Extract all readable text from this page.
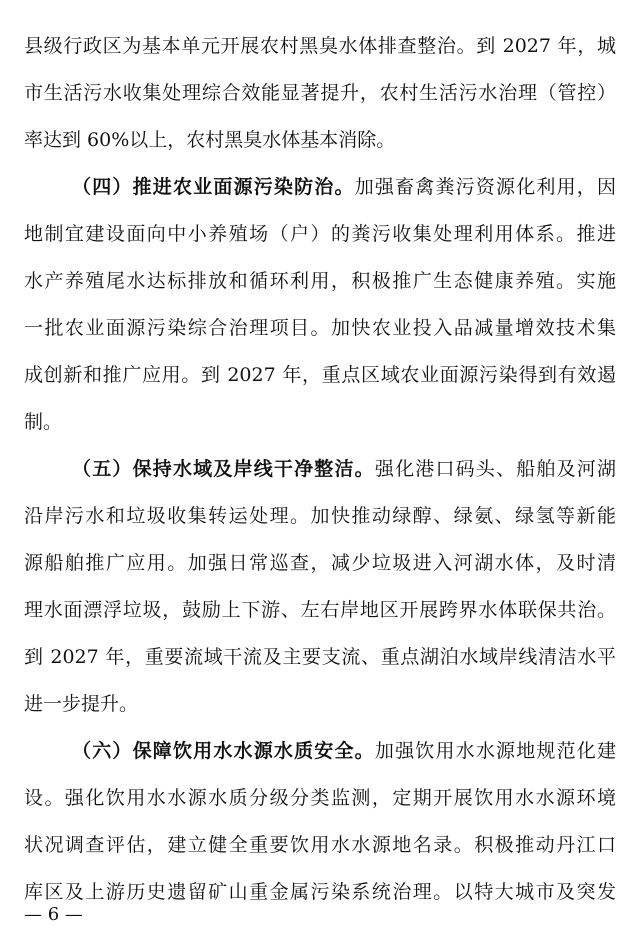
县级行政区为基本单元开展农村黑臭水体排查整治。到 2027 年，城
市生活污水收集处理综合效能显著提升，农村生活污水治理（管控）
率达到 60%以上，农村黑臭水体基本消除。
（四）推进农业面源污染防治。加强畜禽粪污资源化利用，因
地制宜建设面向中小养殖场（户）的粪污收集处理利用体系。推进
水产养殖尾水达标排放和循环利用，积极推广生态健康养殖。实施
一批农业面源污染综合治理项目。加快农业投入品减量增效技术集
成创新和推广应用。到 2027 年，重点区域农业面源污染得到有效遏
制。
（五）保持水域及岸线干净整洁。强化港口码头、船舶及河湖
沿岸污水和垃圾收集转运处理。加快推动绿醇、绿氨、绿氢等新能
源船舶推广应用。加强日常巡查，减少垃圾进入河湖水体，及时清
理水面漂浮垃圾，鼓励上下游、左右岸地区开展跨界水体联保共治。
到 2027 年，重要流域干流及主要支流、重点湖泊水域岸线清洁水平
进一步提升。
（六）保障饮用水水源水质安全。加强饮用水水源地规范化建
设。强化饮用水水源水质分级分类监测，定期开展饮用水水源环境
状况调查评估，建立健全重要饮用水水源地名录。积极推动丹江口
库区及上游历史遗留矿山重金属污染系统治理。以特大城市及突发
— 6 —
